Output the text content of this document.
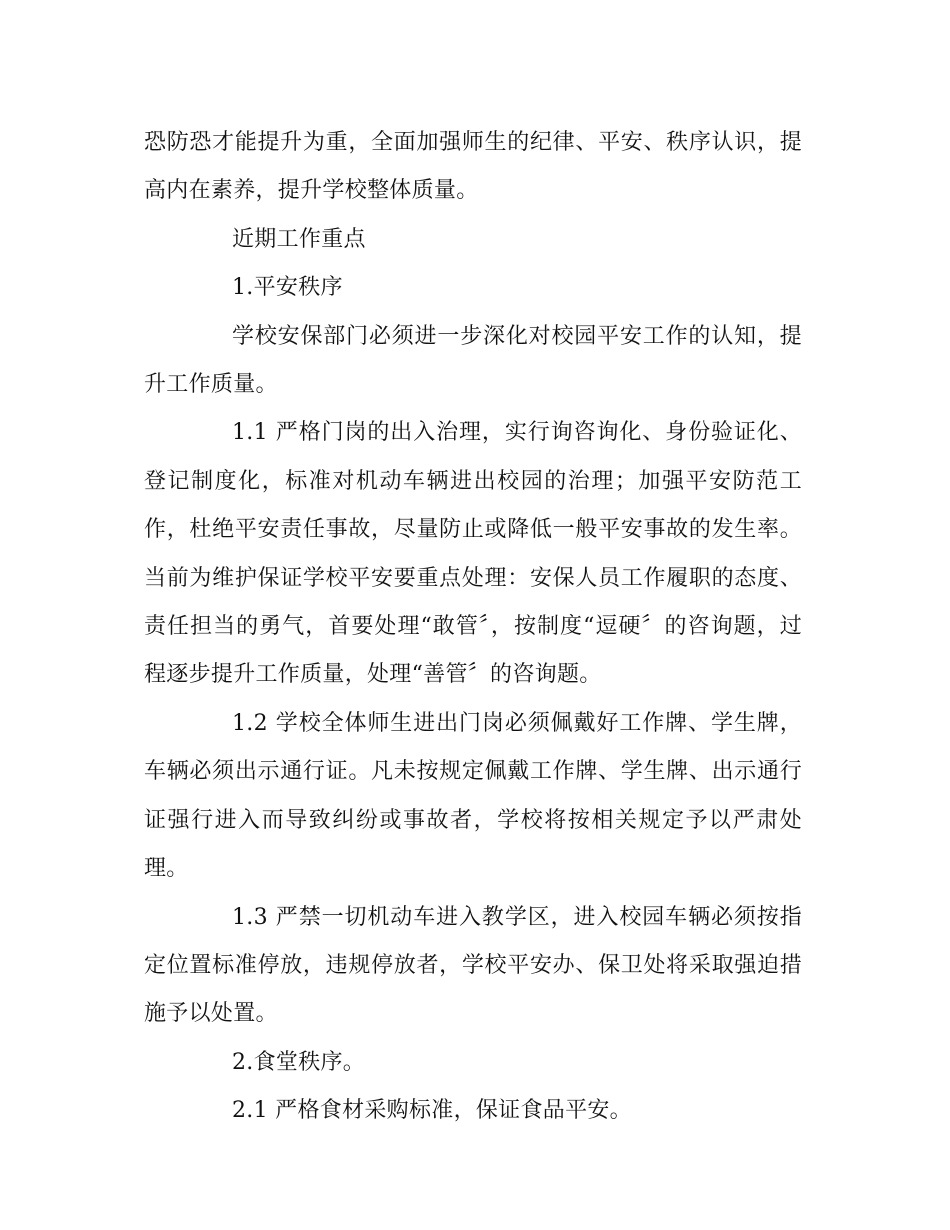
恐防恐才能提升为重，全面加强师生的纪律、平安、秩序认识，提高内在素养，提升学校整体质量。

近期工作重点

1.平安秩序

学校安保部门必须进一步深化对校园平安工作的认知，提升工作质量。

1.1 严格门岗的出入治理，实行询咨询化、身份验证化、登记制度化，标准对机动车辆进出校园的治理；加强平安防范工作，杜绝平安责任事故，尽量防止或降低一般平安事故的发生率。当前为维护保证学校平安要重点处理：安保人员工作履职的态度、责任担当的勇气，首要处理“敢管〞，按制度“逗硬〞的咨询题，过程逐步提升工作质量，处理“善管〞的咨询题。

1.2 学校全体师生进出门岗必须佩戴好工作牌、学生牌，车辆必须出示通行证。凡未按规定佩戴工作牌、学生牌、出示通行证强行进入而导致纠纷或事故者，学校将按相关规定予以严肃处理。

1.3 严禁一切机动车进入教学区，进入校园车辆必须按指定位置标准停放，违规停放者，学校平安办、保卫处将采取强迫措施予以处置。

2.食堂秩序。

2.1 严格食材采购标准，保证食品平安。
